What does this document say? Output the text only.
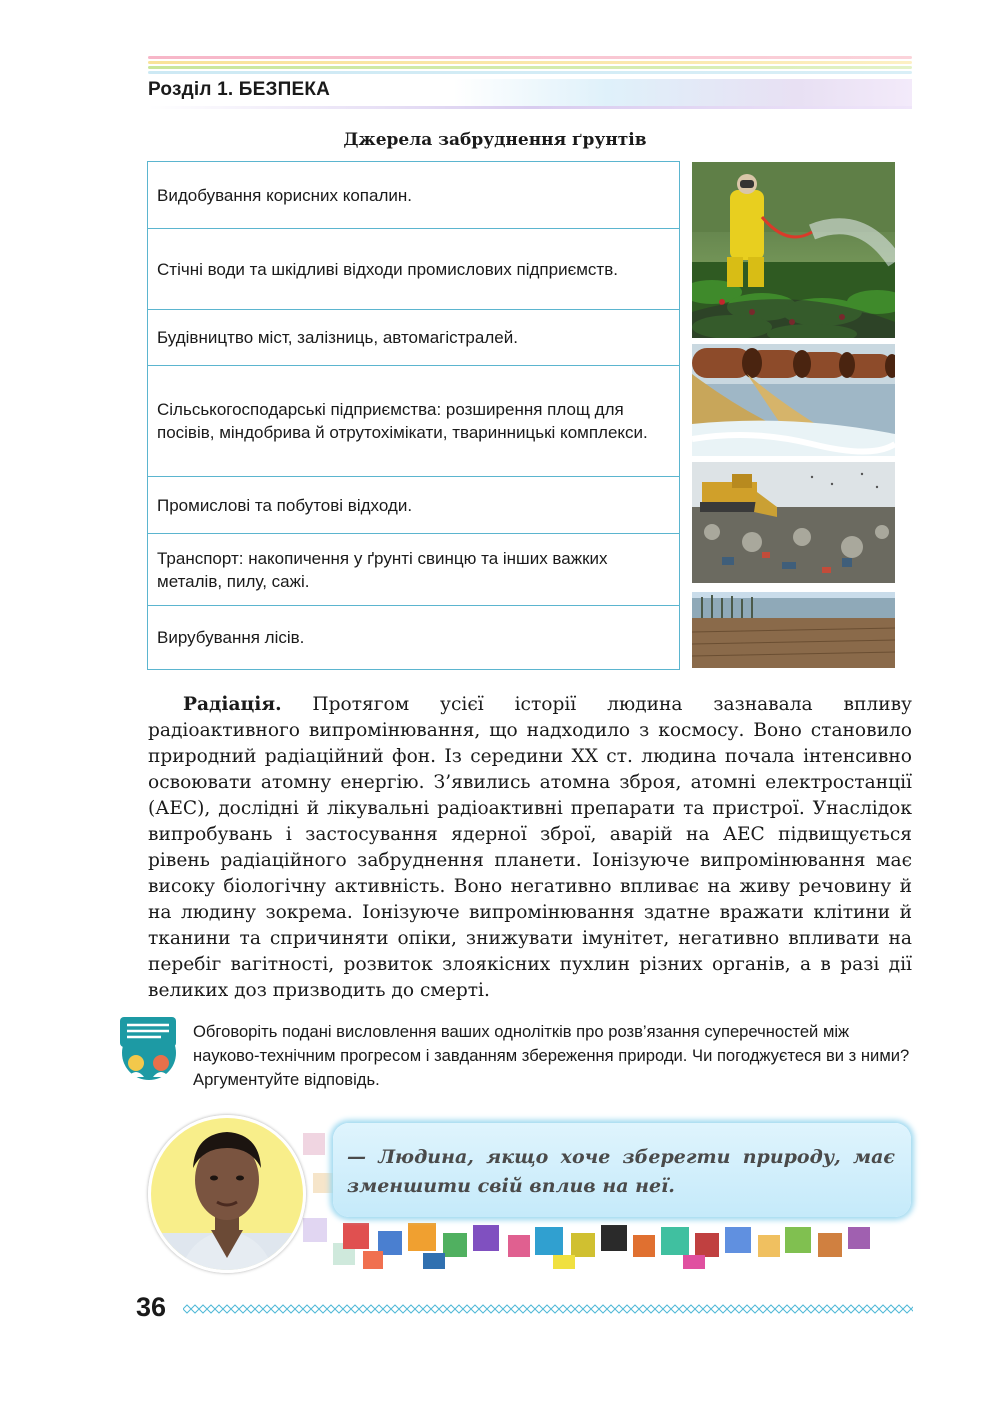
Розділ 1. БЕЗПЕКА
Джерела забруднення ґрунтів
Видобування корисних копалин.
Стічні води та шкідливі відходи промислових підприємств.
Будівництво міст, залізниць, автомагістралей.
Сільськогосподарські підприємства: розширення площ для посівів, міндобрива й отрутохімікати, тваринницькі комплекси.
Промислові та побутові відходи.
Транспорт: накопичення у ґрунті свинцю та інших важких металів, пилу, сажі.
Вирубування лісів.

Радіація. Протягом усієї історії людина зазнавала впливу радіоактивного випромінювання, що надходило з космосу. Воно становило природний радіаційний фон. Із середини XX ст. людина почала інтенсивно освоювати атомну енергію. З’явились атомна зброя, атомні електростанції (АЕС), дослідні й лікувальні радіоактивні препарати та пристрої. Унаслідок випробувань і застосування ядерної зброї, аварій на АЕС підвищується рівень радіаційного забруднення планети. Іонізуюче випромінювання має високу біологічну активність. Воно негативно впливає на живу речовину й на людину зокрема. Іонізуюче випромінювання здатне вражати клітини й тканини та спричиняти опіки, знижувати імунітет, негативно впливати на перебіг вагітності, розвиток злоякісних пухлин різних органів, а в разі дії великих доз призводить до смерті.

Обговоріть подані висловлення ваших однолітків про розв’язання суперечностей між науково-технічним прогресом і завданням збереження природи. Чи погоджуєтеся ви з ними? Аргументуйте відповідь.
— Людина, якщо хоче зберегти природу, має зменшити свій вплив на неї.
36
